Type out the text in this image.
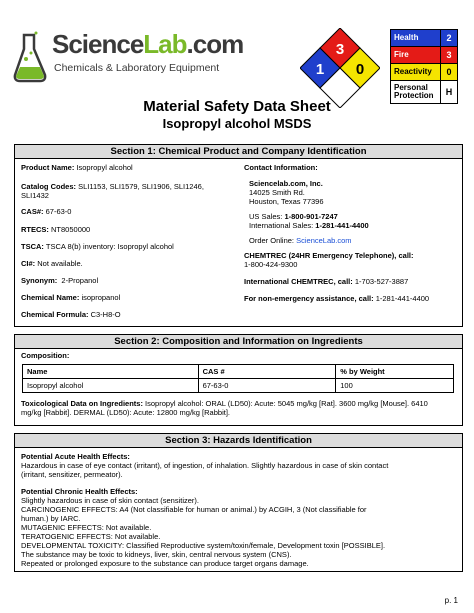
ScienceLab.com
Chemicals & Laboratory Equipment
3
1 0
Health	2
Fire	3
Reactivity	0
Personal Protection	H
Material Safety Data Sheet
Isopropyl alcohol MSDS
Section 1: Chemical Product and Company Identification
Product Name: Isopropyl alcohol
Catalog Codes: SLI1153, SLI1579, SLI1906, SLI1246,
SLI1432
CAS#: 67-63-0
RTECS: NT8050000
TSCA: TSCA 8(b) inventory: Isopropyl alcohol
CI#: Not available.
Synonym:  2-Propanol
Chemical Name: isopropanol
Chemical Formula: C3-H8-O
Contact Information:
Sciencelab.com, Inc.
14025 Smith Rd.
Houston, Texas 77396
US Sales: 1-800-901-7247
International Sales: 1-281-441-4400
Order Online: ScienceLab.com
CHEMTREC (24HR Emergency Telephone), call:
1-800-424-9300
International CHEMTREC, call: 1-703-527-3887
For non-emergency assistance, call: 1-281-441-4400
Section 2: Composition and Information on Ingredients
Composition:
Name	CAS #	% by Weight
Isopropyl alcohol	67-63-0	100
Toxicological Data on Ingredients: Isopropyl alcohol: ORAL (LD50): Acute: 5045 mg/kg [Rat]. 3600 mg/kg [Mouse]. 6410
mg/kg [Rabbit]. DERMAL (LD50): Acute: 12800 mg/kg [Rabbit].
Section 3: Hazards Identification
Potential Acute Health Effects:
Hazardous in case of eye contact (irritant), of ingestion, of inhalation. Slightly hazardous in case of skin contact
(irritant, sensitizer, permeator).
Potential Chronic Health Effects:
Slightly hazardous in case of skin contact (sensitizer).
CARCINOGENIC EFFECTS: A4 (Not classifiable for human or animal.) by ACGIH, 3 (Not classifiable for
human.) by IARC.
MUTAGENIC EFFECTS: Not available.
TERATOGENIC EFFECTS: Not available.
DEVELOPMENTAL TOXICITY: Classified Reproductive system/toxin/female, Development toxin [POSSIBLE].
The substance may be toxic to kidneys, liver, skin, central nervous system (CNS).
Repeated or prolonged exposure to the substance can produce target organs damage.
p. 1
